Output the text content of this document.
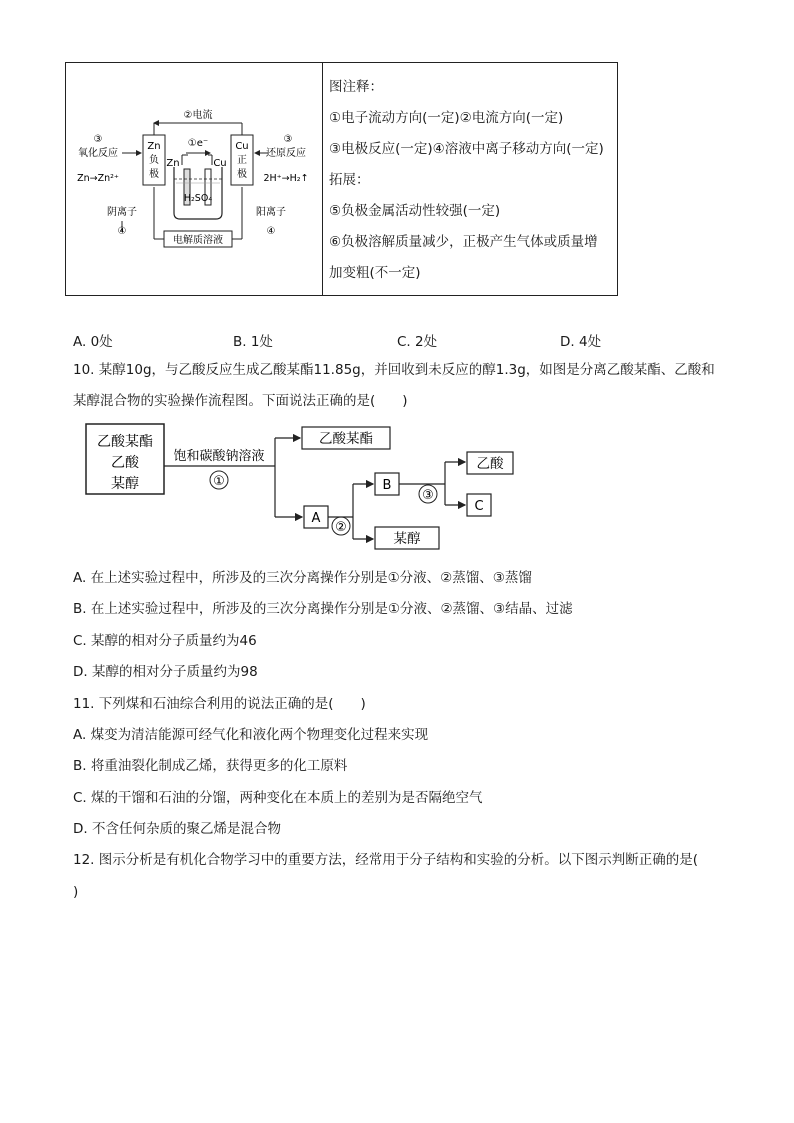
②电流
①e⁻
Zn
负
极
Cu
正
极
③
氧化反应
Zn→Zn²⁺
③
还原反应
2H⁺→H₂↑
Zn	Cu
H₂SO₄
电解质溶液
阴离子
④
阳离子
④

图注释：
①电子流动方向(一定)②电流方向(一定)
③电极反应(一定)④溶液中离子移动方向(一定)
拓展：
⑤负极金属活动性较强(一定)
⑥负极溶解质量减少，正极产生气体或质量增
加变粗(不一定)
A. 0处	B. 1处	C. 2处	D. 4处
10. 某醇10g，与乙酸反应生成乙酸某酯11.85g，并回收到未反应的醇1.3g，如图是分离乙酸某酯、乙酸和
某醇混合物的实验操作流程图。下面说法正确的是(　　)
乙酸某酯
乙酸
某醇
饱和碳酸钠溶液
①
乙酸某酯
A
②
B
某醇
③
乙酸
C
A. 在上述实验过程中，所涉及的三次分离操作分别是①分液、②蒸馏、③蒸馏
B. 在上述实验过程中，所涉及的三次分离操作分别是①分液、②蒸馏、③结晶、过滤
C. 某醇的相对分子质量约为46
D. 某醇的相对分子质量约为98
11. 下列煤和石油综合利用的说法正确的是(　　)
A. 煤变为清洁能源可经气化和液化两个物理变化过程来实现
B. 将重油裂化制成乙烯，获得更多的化工原料
C. 煤的干馏和石油的分馏，两种变化在本质上的差别为是否隔绝空气
D. 不含任何杂质的聚乙烯是混合物
12. 图示分析是有机化合物学习中的重要方法，经常用于分子结构和实验的分析。以下图示判断正确的是(
)
